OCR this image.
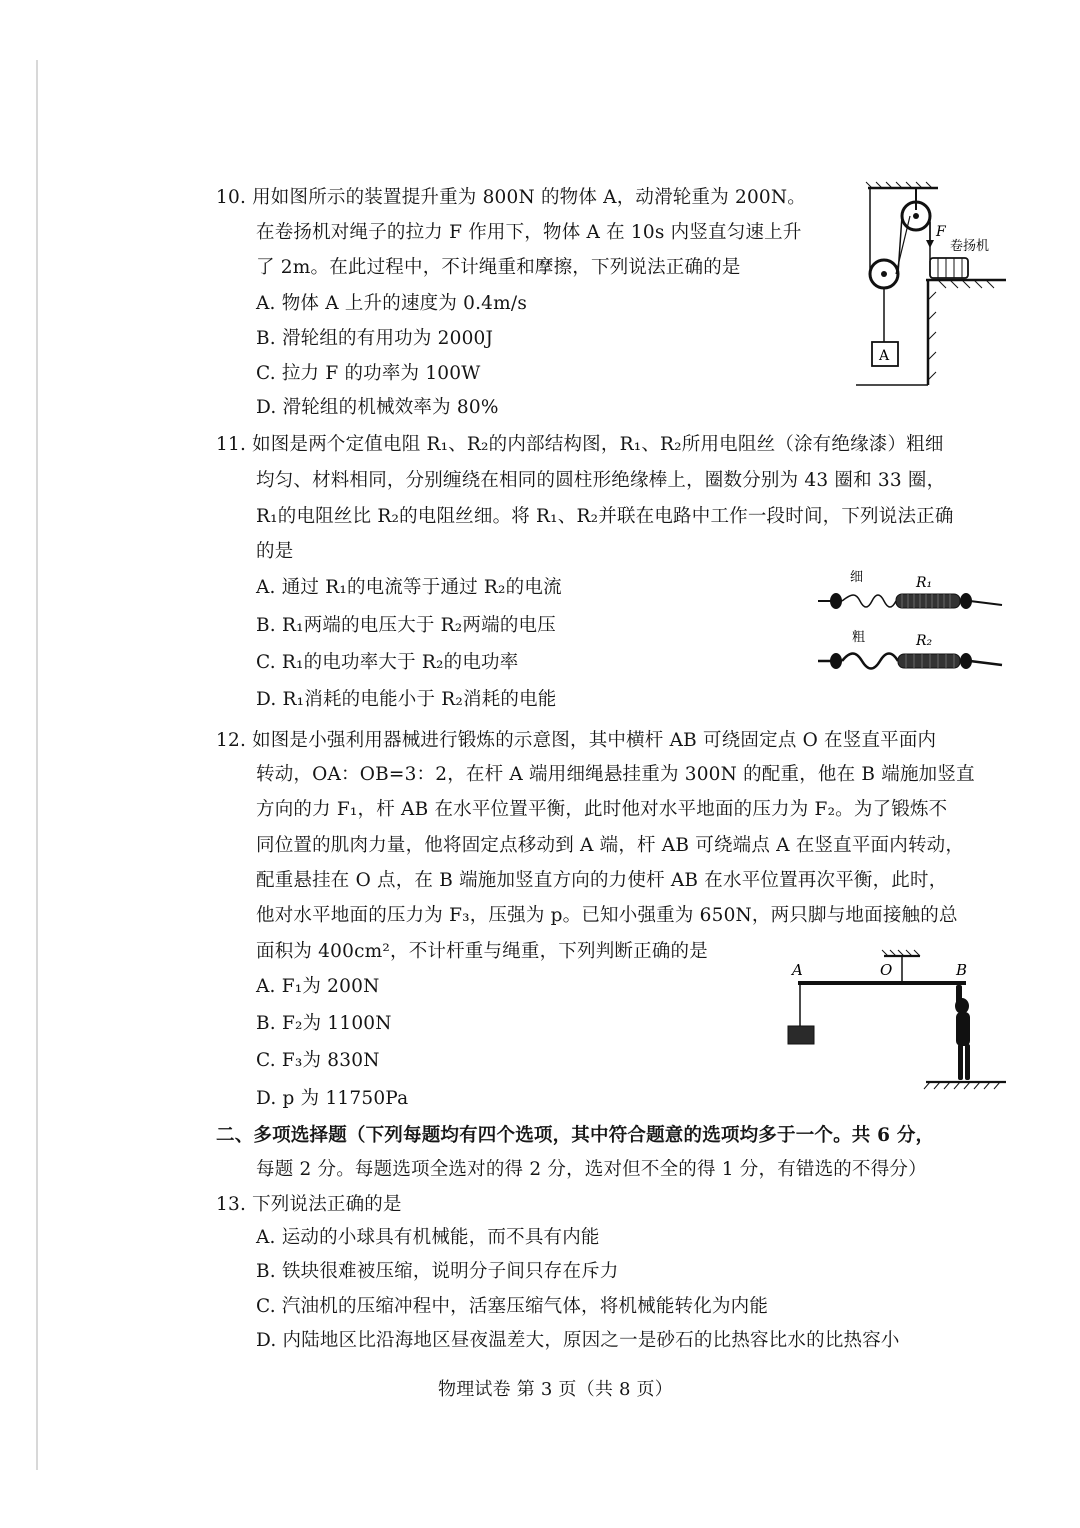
10. 用如图所示的装置提升重为 800N 的物体 A，动滑轮重为 200N。
在卷扬机对绳子的拉力 F 作用下，物体 A 在 10s 内竖直匀速上升
了 2m。在此过程中，不计绳重和摩擦，下列说法正确的是
A. 物体 A 上升的速度为 0.4m/s
B. 滑轮组的有用功为 2000J
C. 拉力 F 的功率为 100W
D. 滑轮组的机械效率为 80%
F
卷扬机
A
11. 如图是两个定值电阻 R₁、R₂的内部结构图，R₁、R₂所用电阻丝（涂有绝缘漆）粗细
均匀、材料相同，分别缠绕在相同的圆柱形绝缘棒上，圈数分别为 43 圈和 33 圈，
R₁的电阻丝比 R₂的电阻丝细。将 R₁、R₂并联在电路中工作一段时间，下列说法正确
的是
A. 通过 R₁的电流等于通过 R₂的电流
B. R₁两端的电压大于 R₂两端的电压
C. R₁的电功率大于 R₂的电功率
D. R₁消耗的电能小于 R₂消耗的电能
细	R₁
粗	R₂
12. 如图是小强利用器械进行锻炼的示意图，其中横杆 AB 可绕固定点 O 在竖直平面内
转动，OA：OB=3：2，在杆 A 端用细绳悬挂重为 300N 的配重，他在 B 端施加竖直
方向的力 F₁，杆 AB 在水平位置平衡，此时他对水平地面的压力为 F₂。为了锻炼不
同位置的肌肉力量，他将固定点移动到 A 端，杆 AB 可绕端点 A 在竖直平面内转动，
配重悬挂在 O 点，在 B 端施加竖直方向的力使杆 AB 在水平位置再次平衡，此时，
他对水平地面的压力为 F₃，压强为 p。已知小强重为 650N，两只脚与地面接触的总
面积为 400cm²，不计杆重与绳重，下列判断正确的是
A. F₁为 200N
B. F₂为 1100N
C. F₃为 830N
D. p 为 11750Pa
A	O	B
二、多项选择题（下列每题均有四个选项，其中符合题意的选项均多于一个。共 6 分，
每题 2 分。每题选项全选对的得 2 分，选对但不全的得 1 分，有错选的不得分）
13. 下列说法正确的是
A. 运动的小球具有机械能，而不具有内能
B. 铁块很难被压缩，说明分子间只存在斥力
C. 汽油机的压缩冲程中，活塞压缩气体，将机械能转化为内能
D. 内陆地区比沿海地区昼夜温差大，原因之一是砂石的比热容比水的比热容小
物理试卷 第 3 页（共 8 页）
